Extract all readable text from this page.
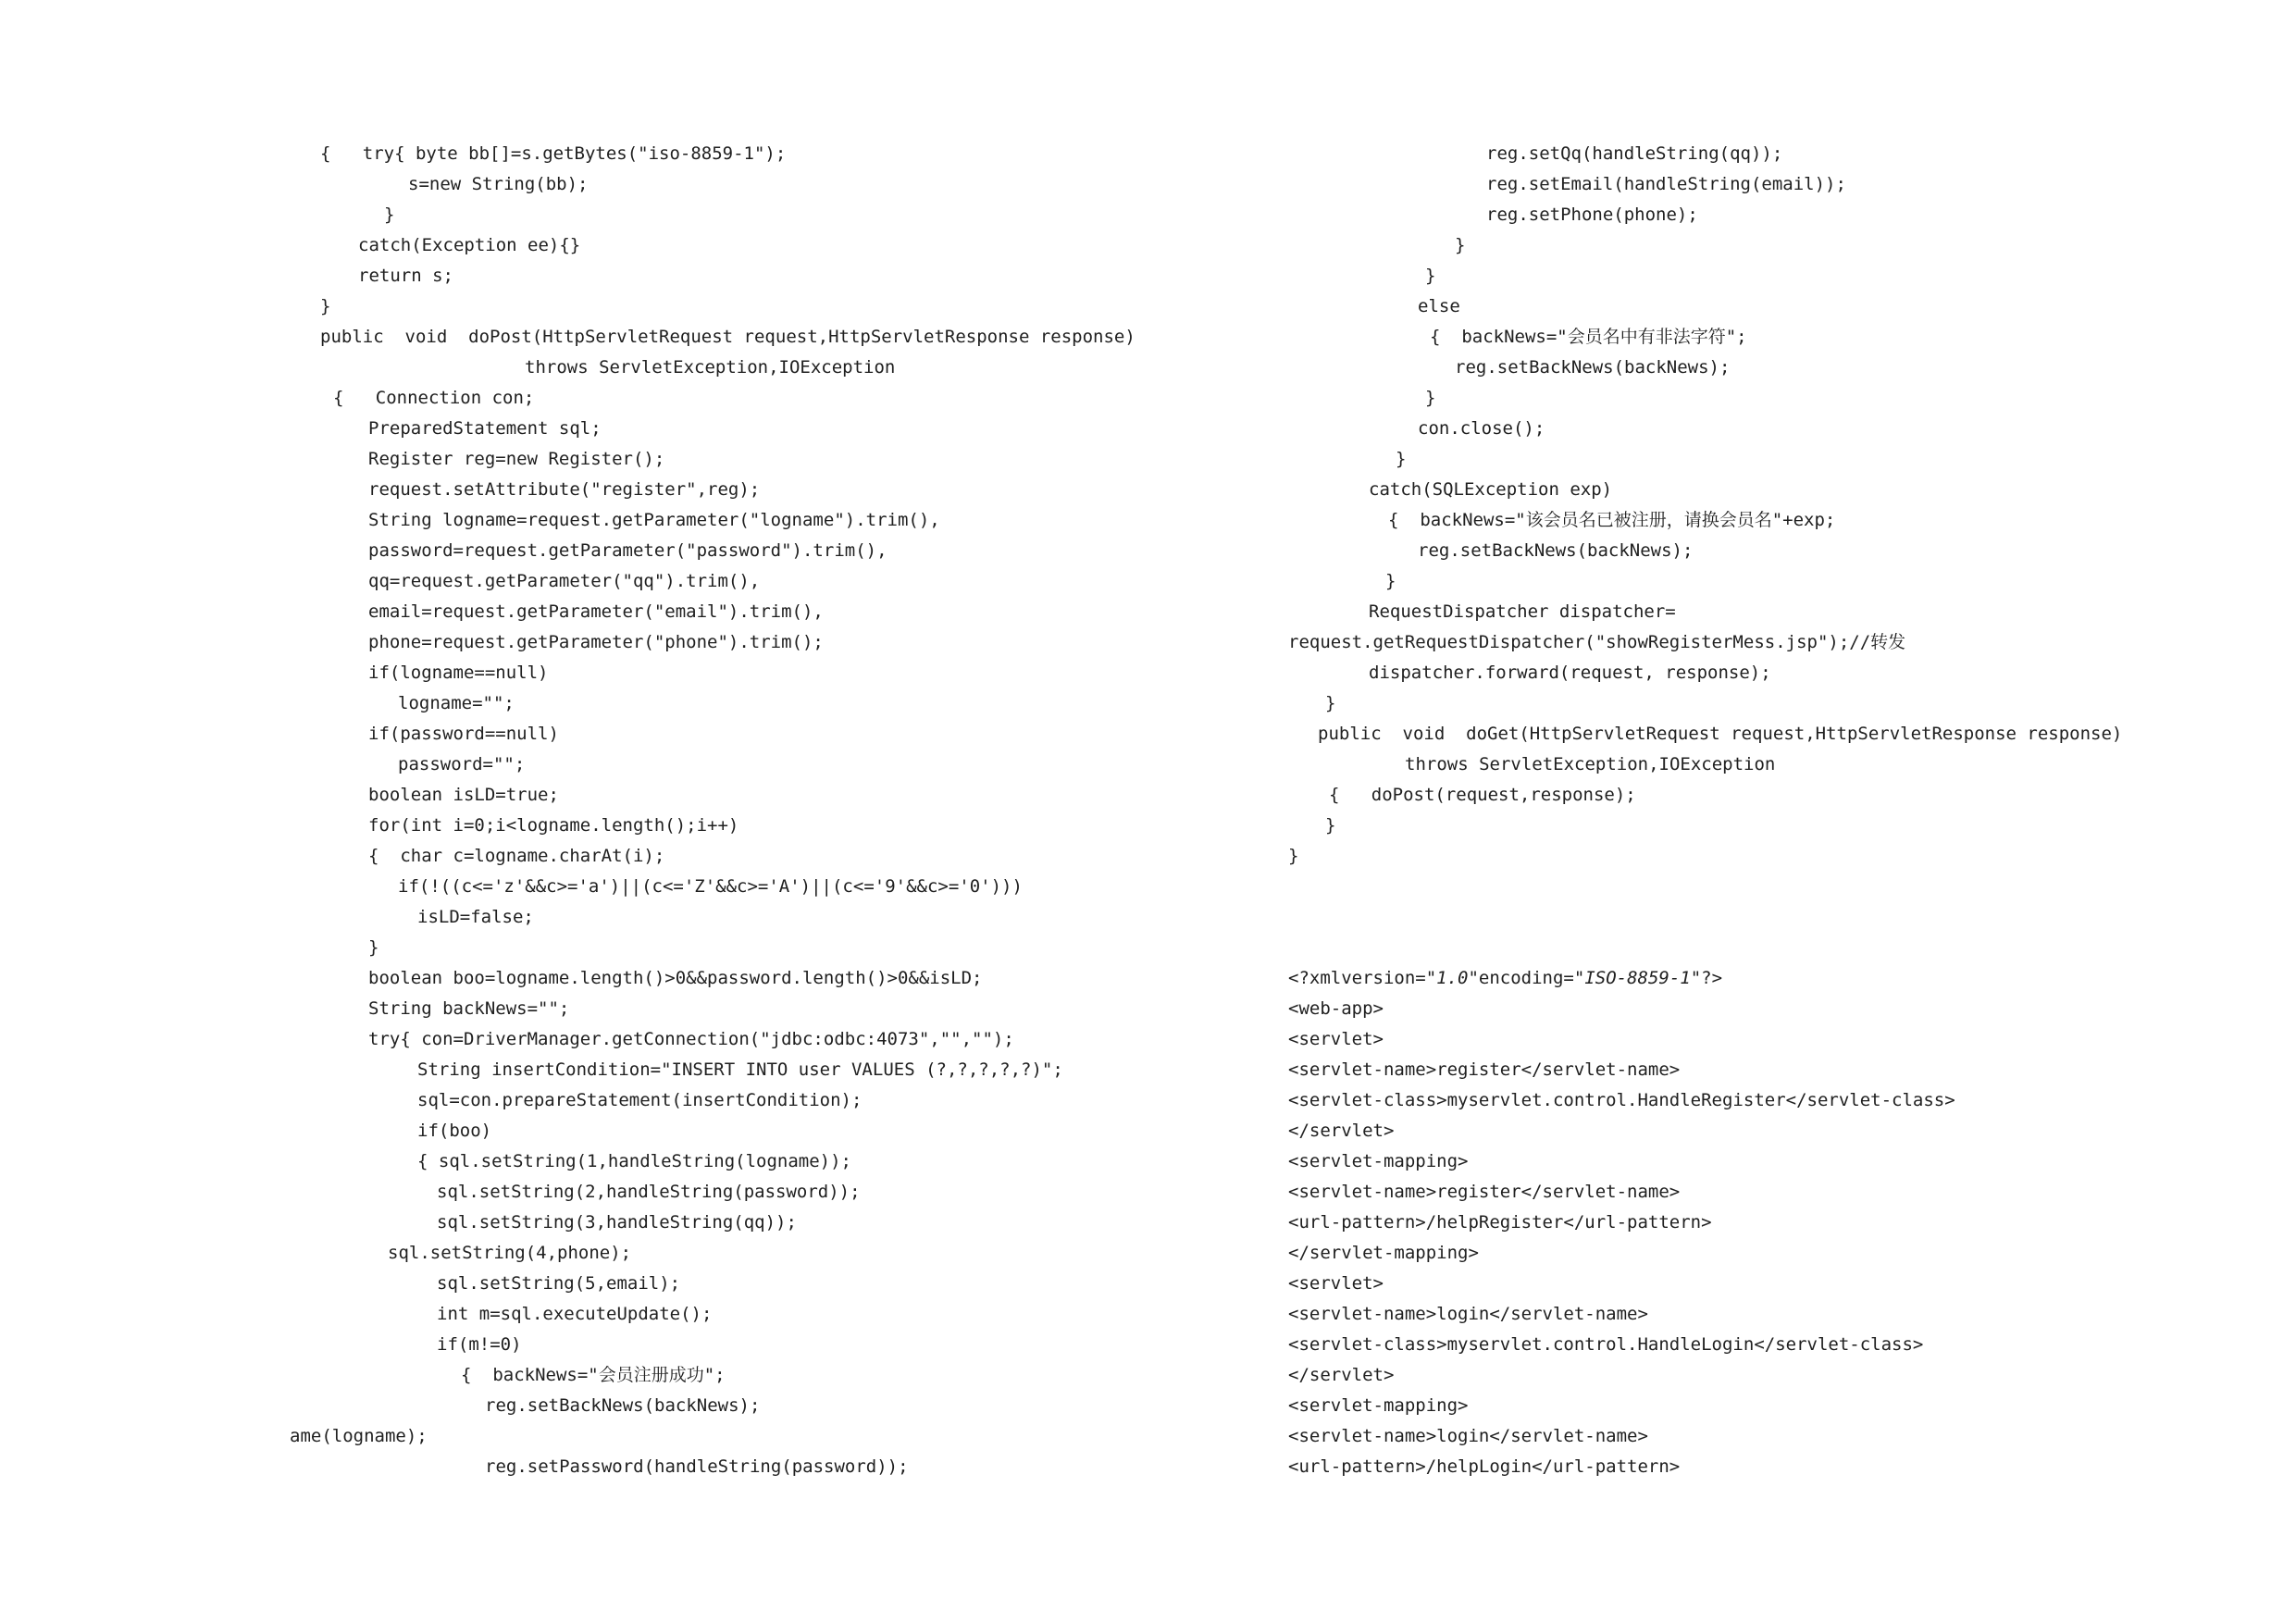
{   try{ byte bb[]=s.getBytes("iso-8859-1");
s=new String(bb);
}
catch(Exception ee){}
return s;
}
public  void  doPost(HttpServletRequest request,HttpServletResponse response)
throws ServletException,IOException
{   Connection con;
PreparedStatement sql;
Register reg=new Register();
request.setAttribute("register",reg);
String logname=request.getParameter("logname").trim(),
password=request.getParameter("password").trim(),
qq=request.getParameter("qq").trim(),
email=request.getParameter("email").trim(),
phone=request.getParameter("phone").trim();
if(logname==null)
logname="";
if(password==null)
password="";
boolean isLD=true;
for(int i=0;i<logname.length();i++)
{  char c=logname.charAt(i);
if(!((c<='z'&&c>='a')||(c<='Z'&&c>='A')||(c<='9'&&c>='0')))
isLD=false;
}
boolean boo=logname.length()>0&&password.length()>0&&isLD;
String backNews="";
try{ con=DriverManager.getConnection("jdbc:odbc:4073","","");
String insertCondition="INSERT INTO user VALUES (?,?,?,?,?)";
sql=con.prepareStatement(insertCondition);
if(boo)
{ sql.setString(1,handleString(logname));
sql.setString(2,handleString(password));
sql.setString(3,handleString(qq));
sql.setString(4,phone);
sql.setString(5,email);
int m=sql.executeUpdate();
if(m!=0)
{  backNews="会员注册成功";
reg.setBackNews(backNews);
ame(logname);
reg.setPassword(handleString(password));
reg.setQq(handleString(qq));
reg.setEmail(handleString(email));
reg.setPhone(phone);
}
}
else
{  backNews="会员名中有非法字符";
reg.setBackNews(backNews);
}
con.close();
}
catch(SQLException exp)
{  backNews="该会员名已被注册，请换会员名"+exp;
reg.setBackNews(backNews);
}
RequestDispatcher dispatcher=
request.getRequestDispatcher("showRegisterMess.jsp");//转发
dispatcher.forward(request, response);
}
public  void  doGet(HttpServletRequest request,HttpServletResponse response)
throws ServletException,IOException
{   doPost(request,response);
}
}
<?xmlversion="1.0"encoding="ISO-8859-1"?>
<web-app>
<servlet>
<servlet-name>register</servlet-name>
<servlet-class>myservlet.control.HandleRegister</servlet-class>
</servlet>
<servlet-mapping>
<servlet-name>register</servlet-name>
<url-pattern>/helpRegister</url-pattern>
</servlet-mapping>
<servlet>
<servlet-name>login</servlet-name>
<servlet-class>myservlet.control.HandleLogin</servlet-class>
</servlet>
<servlet-mapping>
<servlet-name>login</servlet-name>
<url-pattern>/helpLogin</url-pattern>
